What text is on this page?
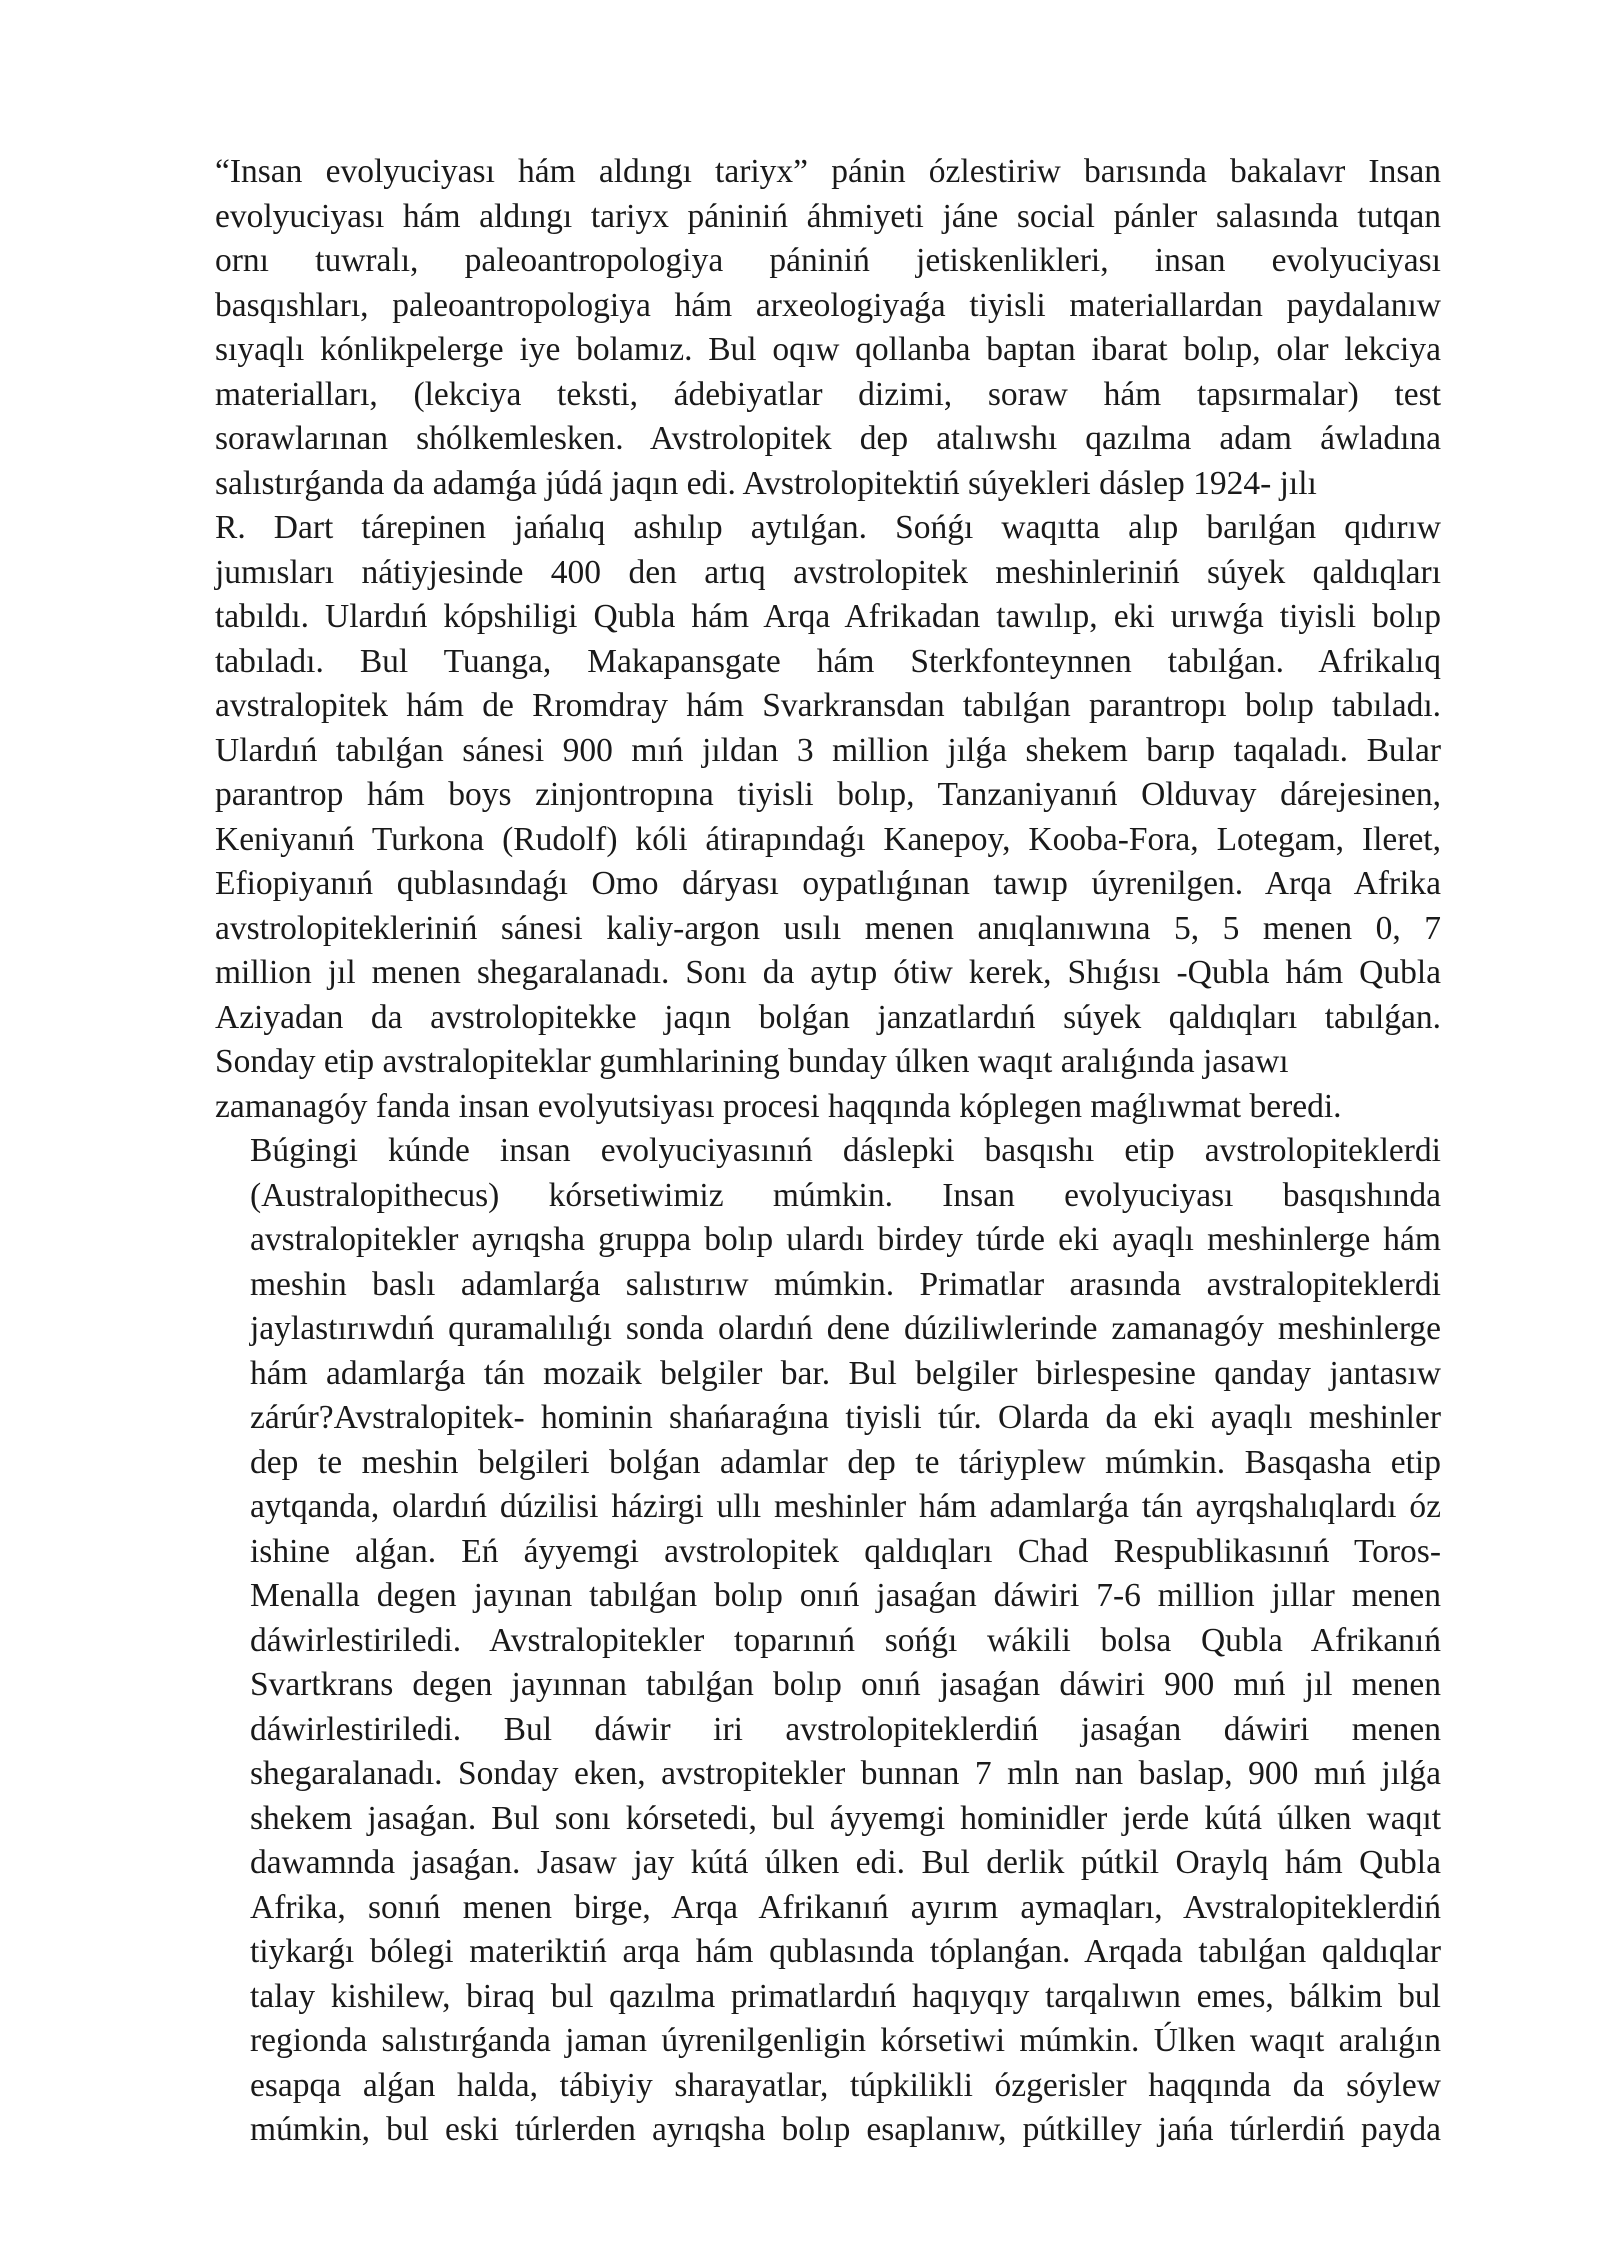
“Insan evolyuciyası hám aldıngı tariyx” pánin ózlestiriw barısında bakalavr Insan
evolyuciyası hám aldıngı tariyx pániniń áhmiyeti jáne social pánler salasında tutqan
ornı tuwralı, paleoantropologiya pániniń jetiskenlikleri, insan evolyuciyası
basqıshları, paleoantropologiya hám arxeologiyaǵa tiyisli materiallardan paydalanıw
sıyaqlı kónlikpelerge iye bolamız. Bul oqıw qollanba baptan ibarat bolıp, olar lekciya
materialları, (lekciya teksti, ádebiyatlar dizimi, soraw hám tapsırmalar) test
sorawlarınan shólkemlesken. Avstrolopitek dep atalıwshı qazılma adam áwladına
salıstırǵanda da adamǵa júdá jaqın edi. Avstrolopitektiń súyekleri dáslep 1924- jılı
R. Dart tárepinen jańalıq ashılıp aytılǵan. Sońǵı waqıtta alıp barılǵan qıdırıw
jumısları nátiyjesinde 400 den artıq avstrolopitek meshinleriniń súyek qaldıqları
tabıldı. Ulardıń kópshiligi Qubla hám Arqa Afrikadan tawılıp, eki urıwǵa tiyisli bolıp
tabıladı. Bul Tuanga, Makapansgate hám Sterkfonteynnen tabılǵan. Afrikalıq
avstralopitek hám de Rromdray hám Svarkransdan tabılǵan parantropı bolıp tabıladı.
Ulardıń tabılǵan sánesi 900 mıń jıldan 3 million jılǵa shekem barıp taqaladı. Bular
parantrop hám boys zinjontropına tiyisli bolıp, Tanzaniyanıń Olduvay dárejesinen,
Keniyanıń Turkona (Rudolf) kóli átirapındaǵı Kanepoy, Kooba-Fora, Lotegam, Ileret,
Efiopiyanıń qublasındaǵı Omo dáryası oypatlıǵınan tawıp úyrenilgen. Arqa Afrika
avstrolopitekleriniń sánesi kaliy-argon usılı menen anıqlanıwına 5, 5 menen 0, 7
million jıl menen shegaralanadı. Sonı da aytıp ótiw kerek, Shıǵısı -Qubla hám Qubla
Aziyadan da avstrolopitekke jaqın bolǵan janzatlardıń súyek qaldıqları tabılǵan.
Sonday etip avstralopiteklar gumhlarining bunday úlken waqıt aralıǵında jasawı
zamanagóy fanda insan evolyutsiyası procesi haqqında kóplegen maǵlıwmat beredi.
Búgingi kúnde insan evolyuciyasınıń dáslepki basqıshı etip avstrolopiteklerdi
(Australopithecus) kórsetiwimiz múmkin. Insan evolyuciyası basqıshında
avstralopitekler ayrıqsha gruppa bolıp ulardı birdey túrde eki ayaqlı meshinlerge hám
meshin baslı adamlarǵa salıstırıw múmkin. Primatlar arasında avstralopiteklerdi
jaylastırıwdıń quramalılıǵı sonda olardıń dene dúziliwlerinde zamanagóy meshinlerge
hám adamlarǵa tán mozaik belgiler bar. Bul belgiler birlespesine qanday jantasıw
zárúr?Avstralopitek- hominin shańaraǵına tiyisli túr. Olarda da eki ayaqlı meshinler
dep te meshin belgileri bolǵan adamlar dep te táriyplew múmkin. Basqasha etip
aytqanda, olardıń dúzilisi házirgi ullı meshinler hám adamlarǵa tán ayrqshalıqlardı óz
ishine alǵan. Eń áyyemgi avstrolopitek qaldıqları Chad Respublikasınıń Toros-
Menalla degen jayınan tabılǵan bolıp onıń jasaǵan dáwiri 7-6 million jıllar menen
dáwirlestiriledi. Avstralopitekler toparınıń sońǵı wákili bolsa Qubla Afrikanıń
Svartkrans degen jayınnan tabılǵan bolıp onıń jasaǵan dáwiri 900 mıń jıl menen
dáwirlestiriledi. Bul dáwir iri avstrolopiteklerdiń jasaǵan dáwiri menen
shegaralanadı. Sonday eken, avstropitekler bunnan 7 mln nan baslap, 900 mıń jılǵa
shekem jasaǵan. Bul sonı kórsetedi, bul áyyemgi hominidler jerde kútá úlken waqıt
dawamnda jasaǵan. Jasaw jay kútá úlken edi. Bul derlik pútkil Oraylq hám Qubla
Afrika, sonıń menen birge, Arqa Afrikanıń ayırım aymaqları, Avstralopiteklerdiń
tiykarǵı bólegi materiktiń arqa hám qublasında tóplanǵan. Arqada tabılǵan qaldıqlar
talay kishilew, biraq bul qazılma primatlardıń haqıyqıy tarqalıwın emes, bálkim bul
regionda salıstırǵanda jaman úyrenilgenligin kórsetiwi múmkin. Úlken waqıt aralıǵın
esapqa alǵan halda, tábiyiy sharayatlar, túpkilikli ózgerisler haqqında da sóylew
múmkin, bul eski túrlerden ayrıqsha bolıp esaplanıw, pútkilley jańa túrlerdiń payda
